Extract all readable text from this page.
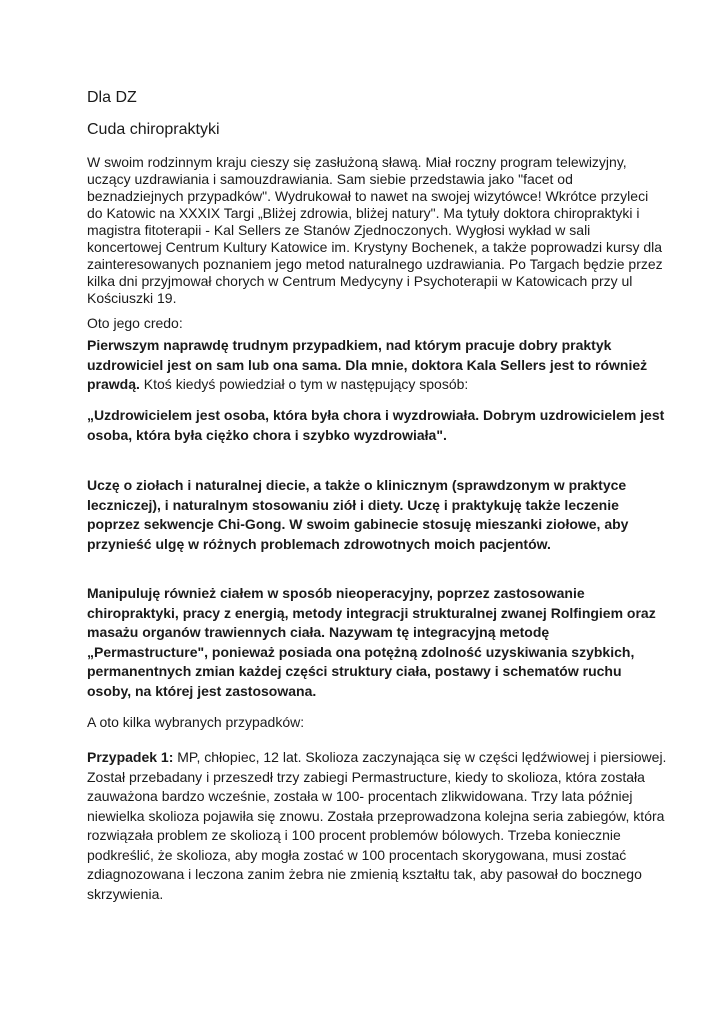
Dla DZ
Cuda chiropraktyki

W swoim rodzinnym kraju cieszy się zasłużoną sławą. Miał roczny program telewizyjny, uczący uzdrawiania i samouzdrawiania. Sam siebie przedstawia jako "facet od beznadziejnych przypadków". Wydrukował to nawet na swojej wizytówce! Wkrótce przyleci do Katowic na XXXIX Targi „Bliżej zdrowia, bliżej natury". Ma tytuły doktora chiropraktyki i magistra fitoterapii - Kal Sellers ze Stanów Zjednoczonych. Wygłosi wykład w sali koncertowej Centrum Kultury Katowice im. Krystyny Bochenek, a także poprowadzi kursy dla zainteresowanych poznaniem jego metod naturalnego uzdrawiania. Po Targach będzie przez kilka dni przyjmował chorych w Centrum Medycyny i Psychoterapii w Katowicach przy ul Kościuszki 19.

Oto jego credo:

Pierwszym naprawdę trudnym przypadkiem, nad którym pracuje dobry praktyk uzdrowiciel jest on sam lub ona sama. Dla mnie, doktora Kala Sellers jest to również prawdą. Ktoś kiedyś powiedział o tym w następujący sposób:

„Uzdrowicielem jest osoba, która była chora i wyzdrowiała. Dobrym uzdrowicielem jest osoba, która była ciężko chora i szybko wyzdrowiała".

Uczę o ziołach i naturalnej diecie, a także o klinicznym (sprawdzonym w praktyce leczniczej), i naturalnym stosowaniu ziół i diety. Uczę i praktykuję także leczenie poprzez sekwencje Chi-Gong. W swoim gabinecie stosuję mieszanki ziołowe, aby przynieść ulgę w różnych problemach zdrowotnych moich pacjentów.

Manipuluję również ciałem w sposób nieoperacyjny, poprzez zastosowanie chiropraktyki, pracy z energią, metody integracji strukturalnej zwanej Rolfingiem oraz masażu organów trawiennych ciała. Nazywam tę integracyjną metodę „Permastructure", ponieważ posiada ona potężną zdolność uzyskiwania szybkich, permanentnych zmian każdej części struktury ciała, postawy i schematów ruchu osoby, na której jest zastosowana.

A oto kilka wybranych przypadków:

Przypadek 1: MP, chłopiec, 12 lat. Skolioza zaczynająca się w części lędźwiowej i piersiowej. Został przebadany i przeszedł trzy zabiegi Permastructure, kiedy to skolioza, która została zauważona bardzo wcześnie, została w 100- procentach zlikwidowana. Trzy lata później niewielka skolioza pojawiła się znowu. Została przeprowadzona kolejna seria zabiegów, która rozwiązała problem ze skoliozą i 100 procent problemów bólowych. Trzeba koniecznie podkreślić, że skolioza, aby mogła zostać w 100 procentach skorygowana, musi zostać zdiagnozowana i leczona zanim żebra nie zmienią kształtu tak, aby pasował do bocznego skrzywienia.
